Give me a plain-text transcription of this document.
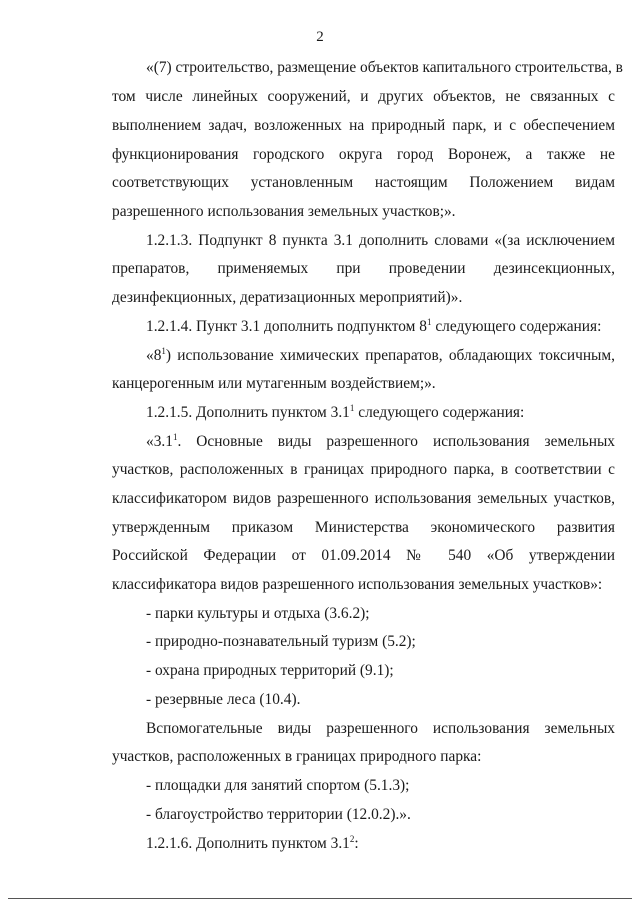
2
«(7) строительство, размещение объектов капитального строительства, в
том числе линейных сооружений, и других объектов, не связанных с
выполнением задач, возложенных на природный парк, и с обеспечением
функционирования городского округа город Воронеж, а также не
соответствующих установленным настоящим Положением видам
разрешенного использования земельных участков;».
1.2.1.3. Подпункт 8 пункта 3.1 дополнить словами «(за исключением
препаратов, применяемых при проведении дезинсекционных,
дезинфекционных, дератизационных мероприятий)».
1.2.1.4. Пункт 3.1 дополнить подпунктом $8^1$ следующего содержания:
«$8^1$) использование химических препаратов, обладающих токсичным,
канцерогенным или мутагенным воздействием;».
1.2.1.5. Дополнить пунктом $3.1^1$ следующего содержания:
«$3.1^1$. Основные виды разрешенного использования земельных
участков, расположенных в границах природного парка, в соответствии с
классификатором видов разрешенного использования земельных участков,
утвержденным приказом Министерства экономического развития
Российской Федерации от 01.09.2014 № 540 «Об утверждении
классификатора видов разрешенного использования земельных участков»:
- парки культуры и отдыха (3.6.2);
- природно-познавательный туризм (5.2);
- охрана природных территорий (9.1);
- резервные леса (10.4).
Вспомогательные виды разрешенного использования земельных
участков, расположенных в границах природного парка:
- площадки для занятий спортом (5.1.3);
- благоустройство территории (12.0.2).».
1.2.1.6. Дополнить пунктом $3.1^2$:
